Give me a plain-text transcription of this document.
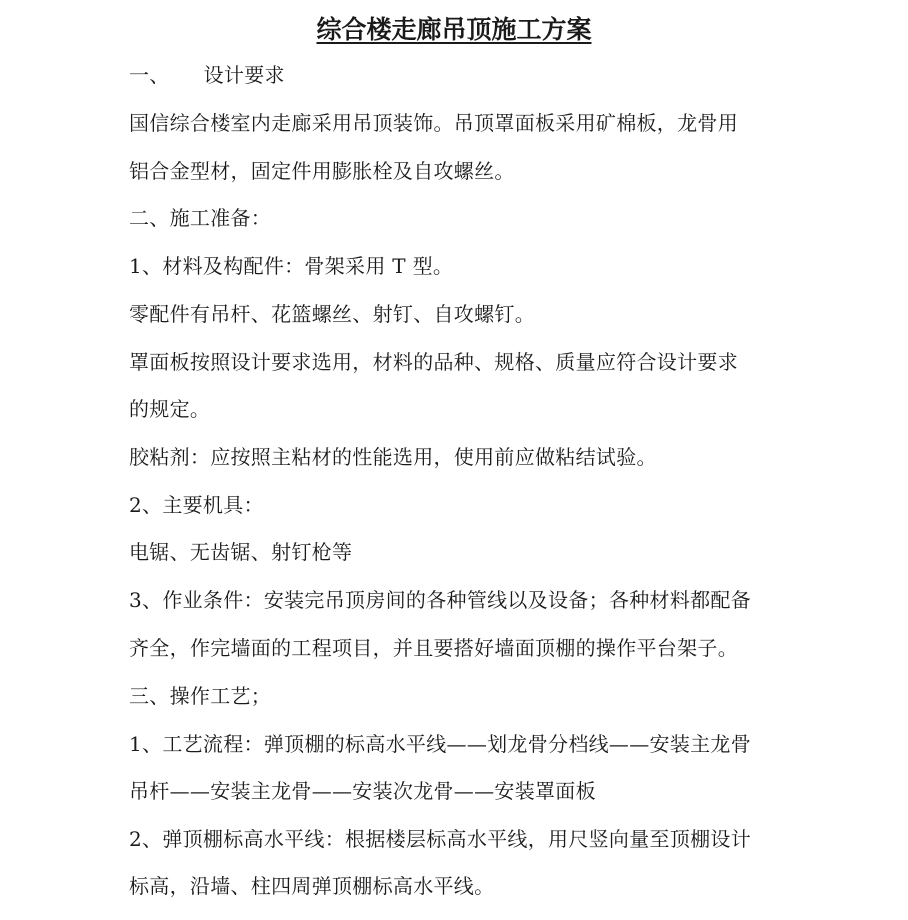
综合楼走廊吊顶施工方案
一、 设计要求
国信综合楼室内走廊采用吊顶装饰。吊顶罩面板采用矿棉板，龙骨用
铝合金型材，固定件用膨胀栓及自攻螺丝。
二、施工准备：
1、材料及构配件：骨架采用 T 型。
零配件有吊杆、花篮螺丝、射钉、自攻螺钉。
罩面板按照设计要求选用，材料的品种、规格、质量应符合设计要求
的规定。
胶粘剂：应按照主粘材的性能选用，使用前应做粘结试验。
2、主要机具：
电锯、无齿锯、射钉枪等
3、作业条件：安装完吊顶房间的各种管线以及设备；各种材料都配备
齐全，作完墙面的工程项目，并且要搭好墙面顶棚的操作平台架子。
三、操作工艺；
1、工艺流程：弹顶棚的标高水平线——划龙骨分档线——安装主龙骨
吊杆——安装主龙骨——安装次龙骨——安装罩面板
2、弹顶棚标高水平线：根据楼层标高水平线，用尺竖向量至顶棚设计
标高，沿墙、柱四周弹顶棚标高水平线。
